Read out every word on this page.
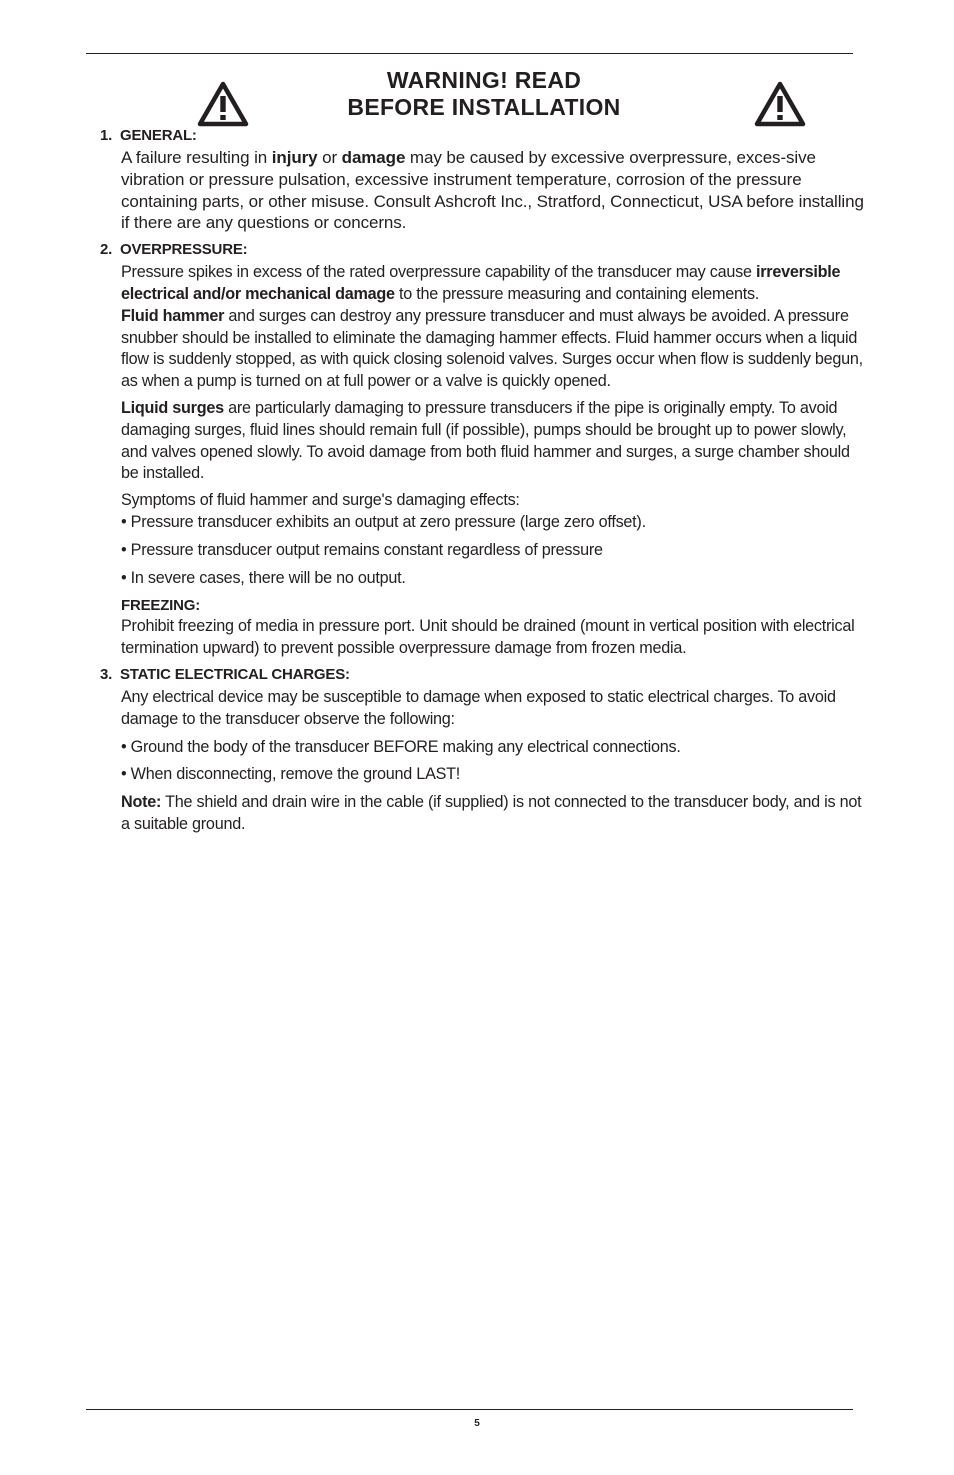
WARNING! READ
BEFORE INSTALLATION

1. GENERAL:

A failure resulting in injury or damage may be caused by excessive overpressure, exces-sive vibration or pressure pulsation, excessive instrument temperature, corrosion of the pressure containing parts, or other misuse. Consult Ashcroft Inc., Stratford, Connecticut, USA before installing if there are any questions or concerns.

2. OVERPRESSURE:

Pressure spikes in excess of the rated overpressure capability of the transducer may cause irreversible electrical and/or mechanical damage to the pressure measuring and containing elements.

Fluid hammer and surges can destroy any pressure transducer and must always be avoided. A pressure snubber should be installed to eliminate the damaging hammer effects. Fluid hammer occurs when a liquid flow is suddenly stopped, as with quick closing solenoid valves. Surges occur when flow is suddenly begun, as when a pump is turned on at full power or a valve is quickly opened.

Liquid surges are particularly damaging to pressure transducers if the pipe is originally empty. To avoid damaging surges, fluid lines should remain full (if possible), pumps should be brought up to power slowly, and valves opened slowly. To avoid damage from both fluid hammer and surges, a surge chamber should be installed.

Symptoms of fluid hammer and surge's damaging effects:

• Pressure transducer exhibits an output at zero pressure (large zero offset).

• Pressure transducer output remains constant regardless of pressure

• In severe cases, there will be no output.

FREEZING:

Prohibit freezing of media in pressure port. Unit should be drained (mount in vertical position with electrical termination upward) to prevent possible overpressure damage from frozen media.

3. STATIC ELECTRICAL CHARGES:

Any electrical device may be susceptible to damage when exposed to static electrical charges. To avoid damage to the transducer observe the following:

• Ground the body of the transducer BEFORE making any electrical connections.

• When disconnecting, remove the ground LAST!

Note: The shield and drain wire in the cable (if supplied) is not connected to the transducer body, and is not a suitable ground.

5
